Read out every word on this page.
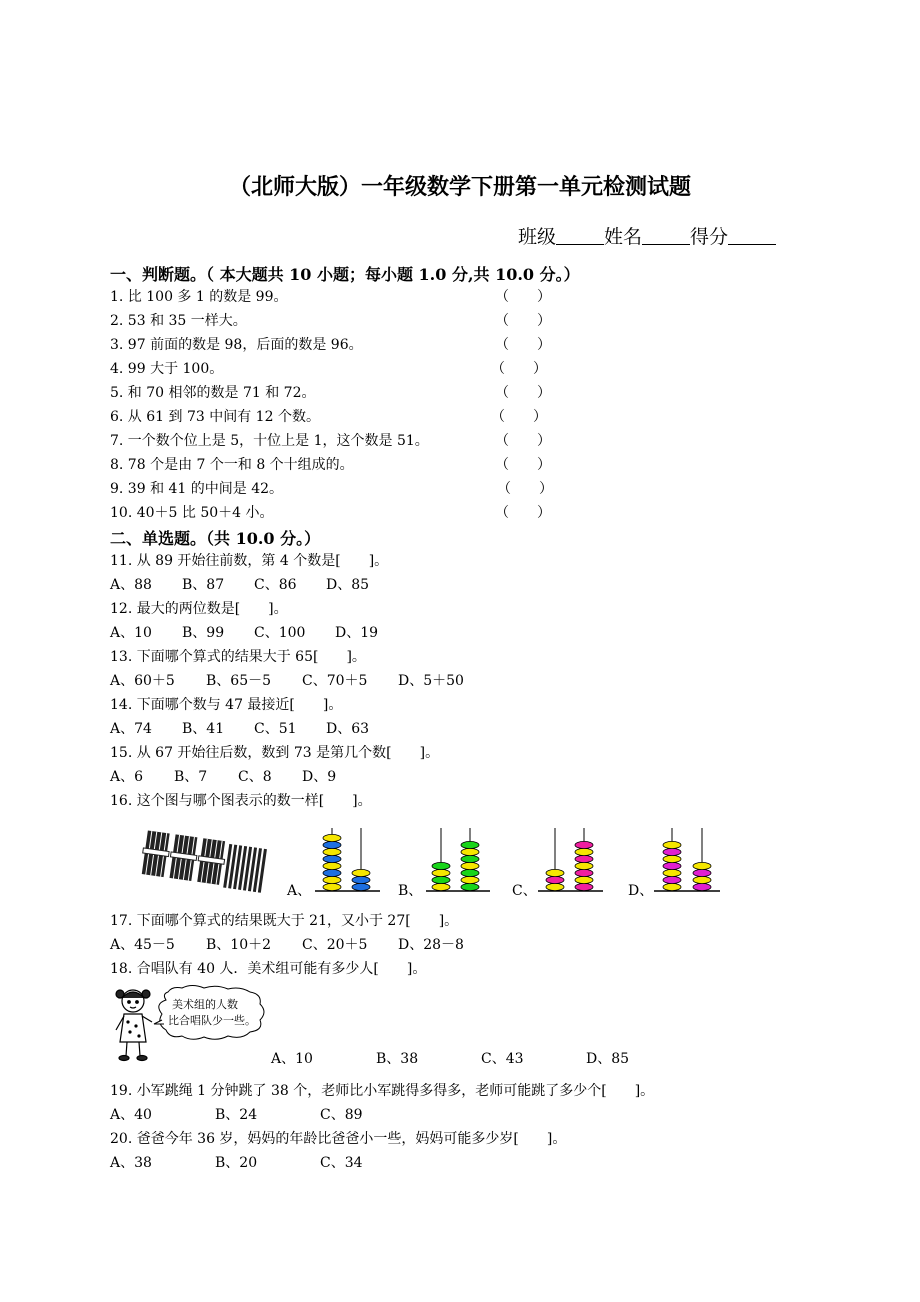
（北师大版）一年级数学下册第一单元检测试题
班级	姓名	得分
一、判断题。（ 本大题共 10 小题；每小题 1.0 分,共 10.0 分。）
1. 比 100 多 1 的数是 99。	（　　）
2. 53 和 35 一样大。	（　　）
3. 97 前面的数是 98，后面的数是 96。	（　　）
4. 99 大于 100。	（　　）
5. 和 70 相邻的数是 71 和 72。	（　　）
6. 从 61 到 73 中间有 12 个数。	（　　）
7. 一个数个位上是 5，十位上是 1，这个数是 51。	（　　）
8. 78 个是由 7 个一和 8 个十组成的。	（　　）
9. 39 和 41 的中间是 42。	（　　）
10. 40＋5 比 50＋4 小。	（　　）
二、单选题。（共 10.0 分。）
11. 从 89 开始往前数，第 4 个数是[　　]。
A、88 B、87 C、86 D、85
12. 最大的两位数是[　　]。
A、10 B、99 C、100 D、19
13. 下面哪个算式的结果大于 65[　　]。
A、60＋5 B、65－5 C、70＋5 D、5＋50
14. 下面哪个数与 47 最接近[　　]。
A、74 B、41 C、51 D、63
15. 从 67 开始往后数，数到 73 是第几个数[　　]。
A、6 B、7 C、8 D、9
16. 这个图与哪个图表示的数一样[　　]。
A、	B、	C、	D、
17. 下面哪个算式的结果既大于 21，又小于 27[　　]。
A、45－5 B、10＋2 C、20＋5 D、28－8
18. 合唱队有 40 人．美术组可能有多少人[　　]。
美术组的人数
比合唱队少一些。
A、10	B、38	C、43	D、85
19. 小军跳绳 1 分钟跳了 38 个，老师比小军跳得多得多，老师可能跳了多少个[　　]。
A、40	B、24	C、89
20. 爸爸今年 36 岁，妈妈的年龄比爸爸小一些，妈妈可能多少岁[　　]。
A、38	B、20	C、34
